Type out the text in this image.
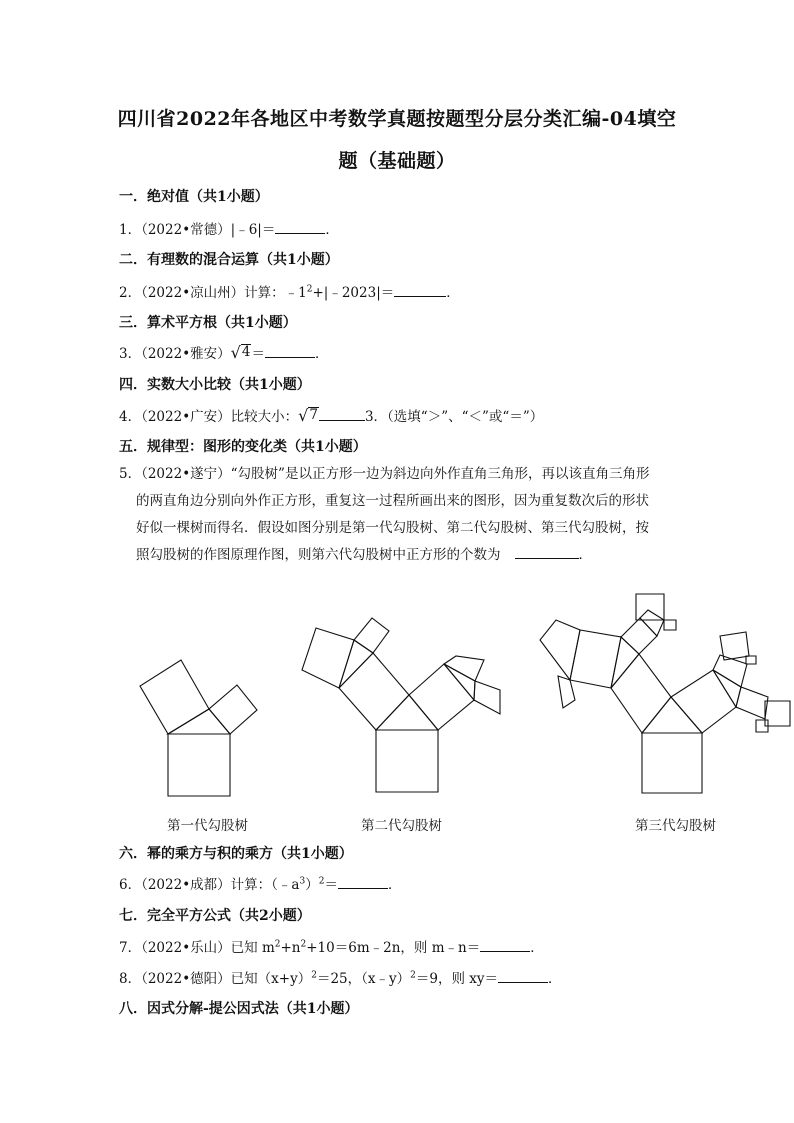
四川省2022年各地区中考数学真题按题型分层分类汇编-04填空
题（基础题）
一．绝对值（共1小题）
1．（2022•常德）|﹣6|＝	．
二．有理数的混合运算（共1小题）
2．（2022•凉山州）计算：$﹣1^2+|﹣2023|=$	．
三．算术平方根（共1小题）
3．（2022•雅安） √ 4 ＝	．
四．实数大小比较（共1小题）
4．（2022•广安）比较大小： √ 7	3．（选填“＞”、“＜”或“＝”）
五．规律型：图形的变化类（共1小题）
5．（2022•遂宁）“勾股树”是以正方形一边为斜边向外作直角三角形，再以该直角三角形
的两直角边分别向外作正方形，重复这一过程所画出来的图形，因为重复数次后的形状
好似一棵树而得名．假设如图分别是第一代勾股树、第二代勾股树、第三代勾股树，按
照勾股树的作图原理作图，则第六代勾股树中正方形的个数为	．
第一代勾股树	第二代勾股树	第三代勾股树
六．幂的乘方与积的乘方（共1小题）
6．（2022•成都）计算：$(﹣a^3)^2=$	．
七．完全平方公式（共2小题）
7．（2022•乐山）已知 $m^2+n^2+10=6m﹣2n$，则 m﹣n＝	．
8．（2022•德阳）已知$(x+y)^2=25$，（x﹣y）$^2$＝9，则 xy＝	．
八．因式分解-提公因式法（共1小题）
